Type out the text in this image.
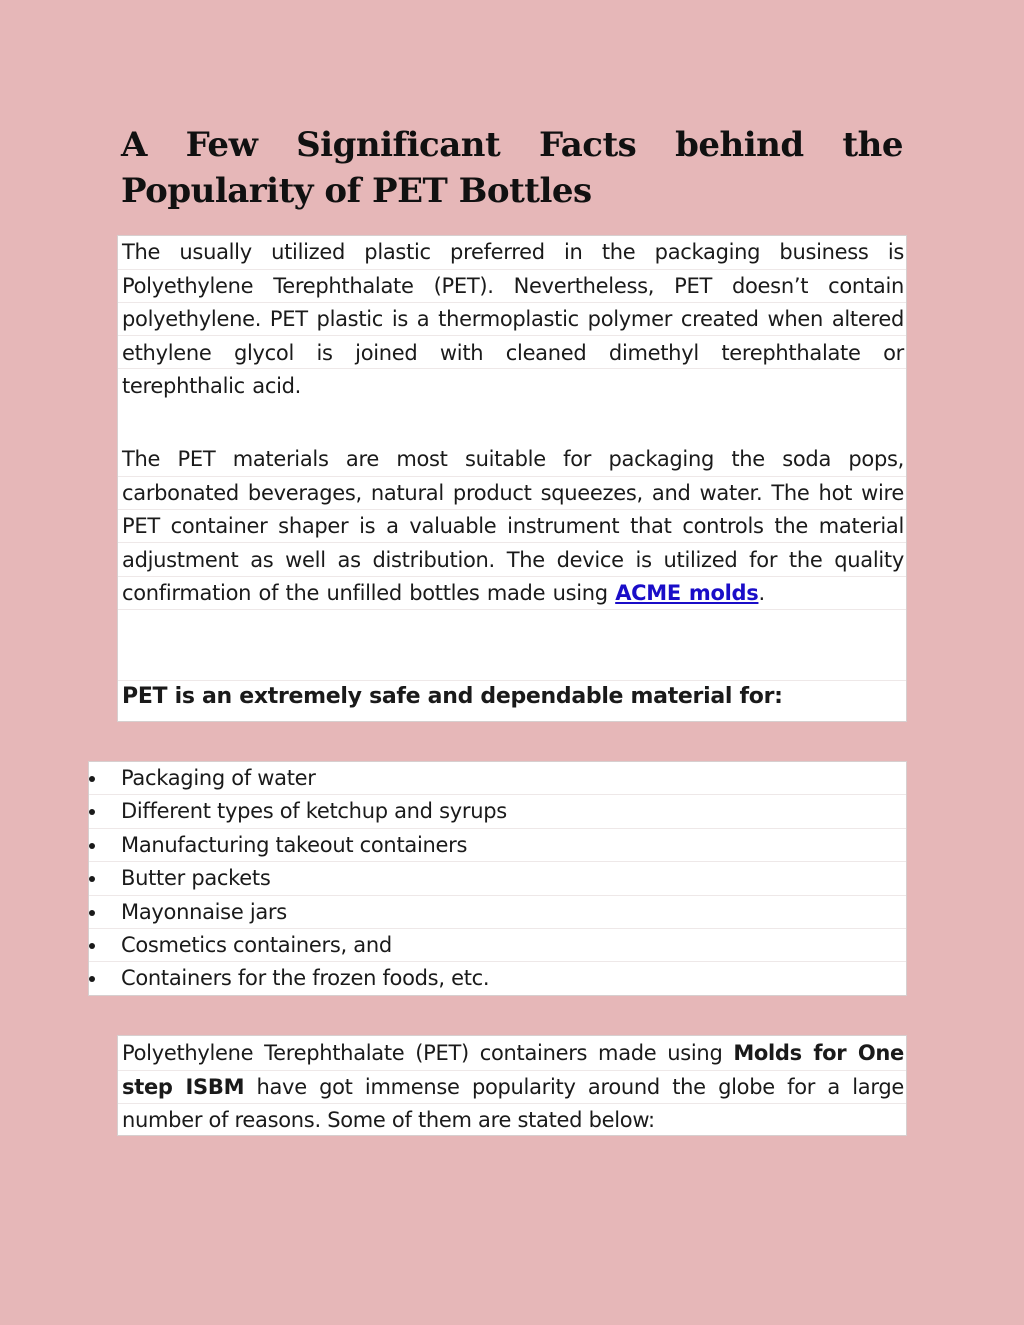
A Few Significant Facts behind the
Popularity of PET Bottles

The usually utilized plastic preferred in the packaging business is Polyethylene Terephthalate (PET). Nevertheless, PET doesn’t contain polyethylene. PET plastic is a thermoplastic polymer created when altered ethylene glycol is joined with cleaned dimethyl terephthalate or terephthalic acid.

The PET materials are most suitable for packaging the soda pops, carbonated beverages, natural product squeezes, and water. The hot wire PET container shaper is a valuable instrument that controls the material adjustment as well as distribution. The device is utilized for the quality confirmation of the unfilled bottles made using ACME molds.

PET is an extremely safe and dependable material for:
Packaging of water
Different types of ketchup and syrups
Manufacturing takeout containers
Butter packets
Mayonnaise jars
Cosmetics containers, and
Containers for the frozen foods, etc.

Polyethylene Terephthalate (PET) containers made using Molds for One step ISBM have got immense popularity around the globe for a large number of reasons. Some of them are stated below:
